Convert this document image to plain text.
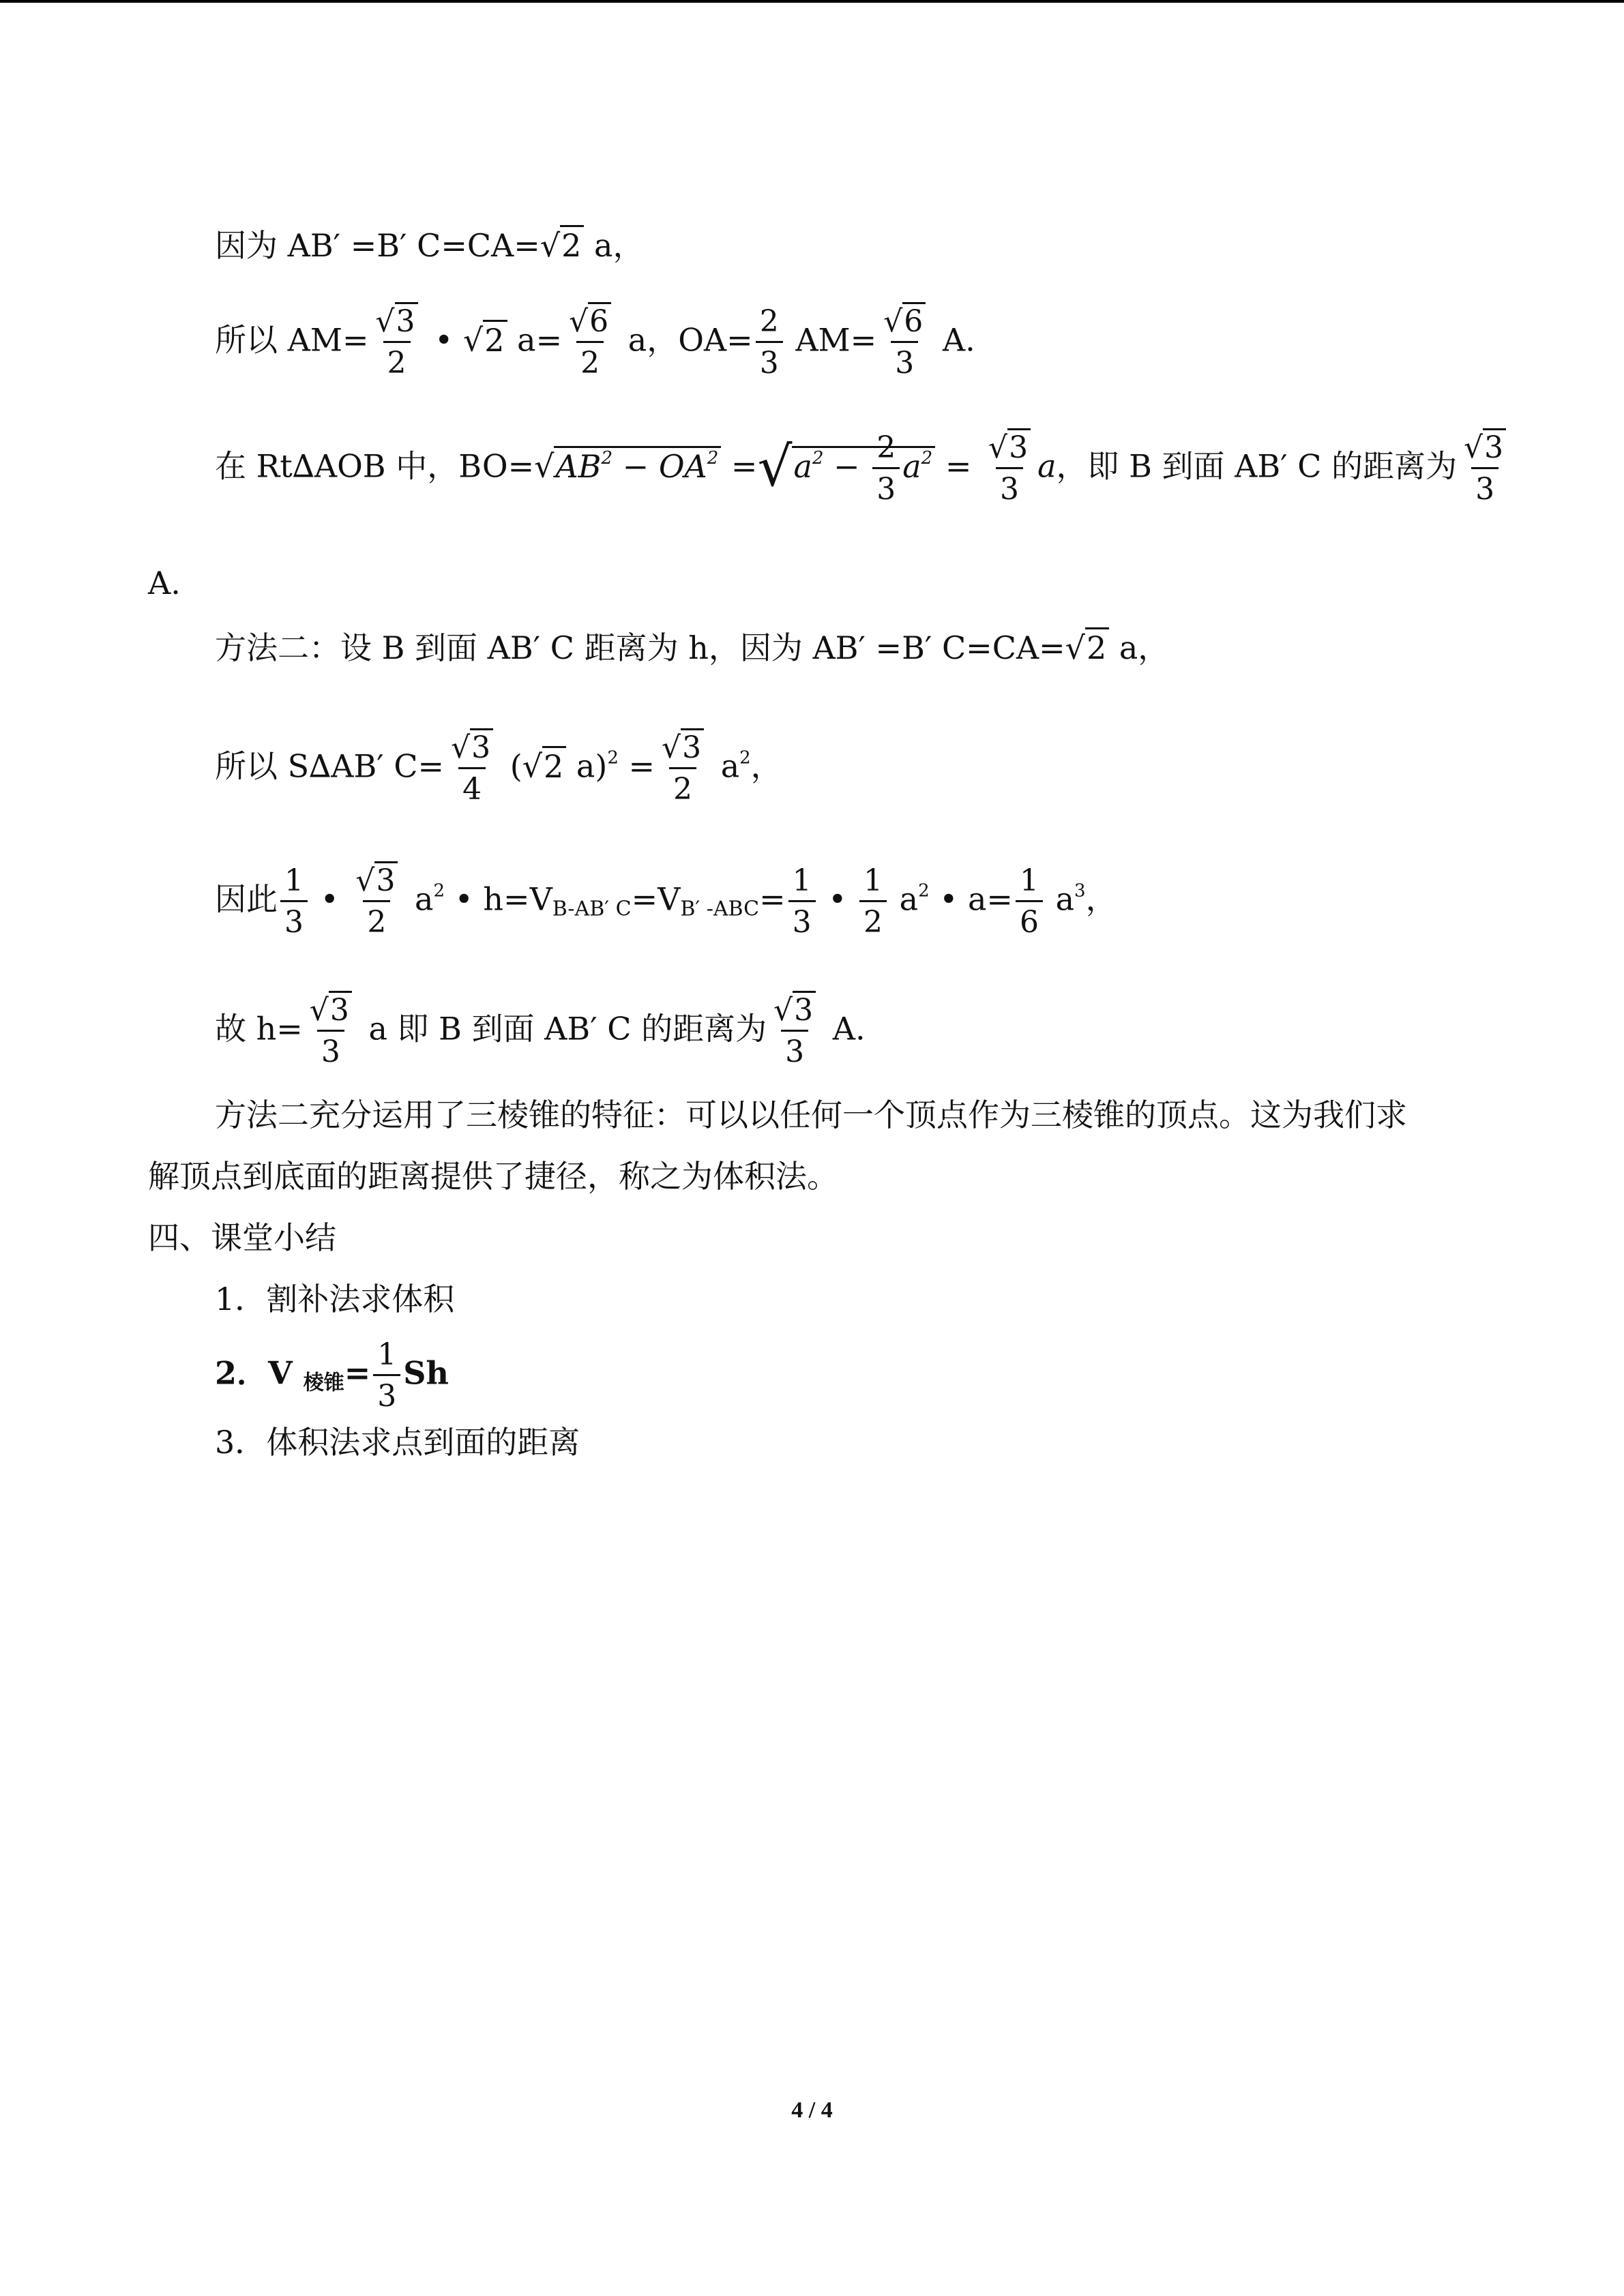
因为 AB′ =B′ C=CA=√2 a，
所以 $AM= \frac{√3}{2}$ • √2 $a= \frac{√6}{2}$ a，$OA= \frac{2}{3} AM= \frac{√6}{3} A$.
在 Rt∆AOB 中，$BO=√AB^2 - OA^2 =√a^2 - \frac{2}{3} a^2 = \frac{√3}{3}$ a，即 B 到面 AB′ C 的距离为 $\frac{√3}{3}$
A.
方法二：设 B 到面 AB′ C 距离为 h，因为 AB′ =B′ C=CA=√2 a，
所以 S∆AB′ $C= \frac{√3}{4} (√2$ $a)^2 = \frac{√3}{2} a^2$，
因此 $\frac{1}{3}$ • $\frac{√3}{2} a^2$ • $h=V_{B-AB' C}=V_{B' -ABC}= \frac{1}{3}$ • $\frac{1}{2} a^2$ • $a= \frac{1}{6} a^3$，
故 $h= \frac{√3}{3}$ a 即 B 到面 AB′ C 的距离为 $\frac{√3}{3} A$.
方法二充分运用了三棱锥的特征：可以以任何一个顶点作为三棱锥的顶点。这为我们求
解顶点到底面的距离提供了捷径，称之为体积法。
四、课堂小结
1．割补法求体积
2．V $_{棱锥}= \frac{1}{3}$ Sh
3．体积法求点到面的距离
4 / 4
